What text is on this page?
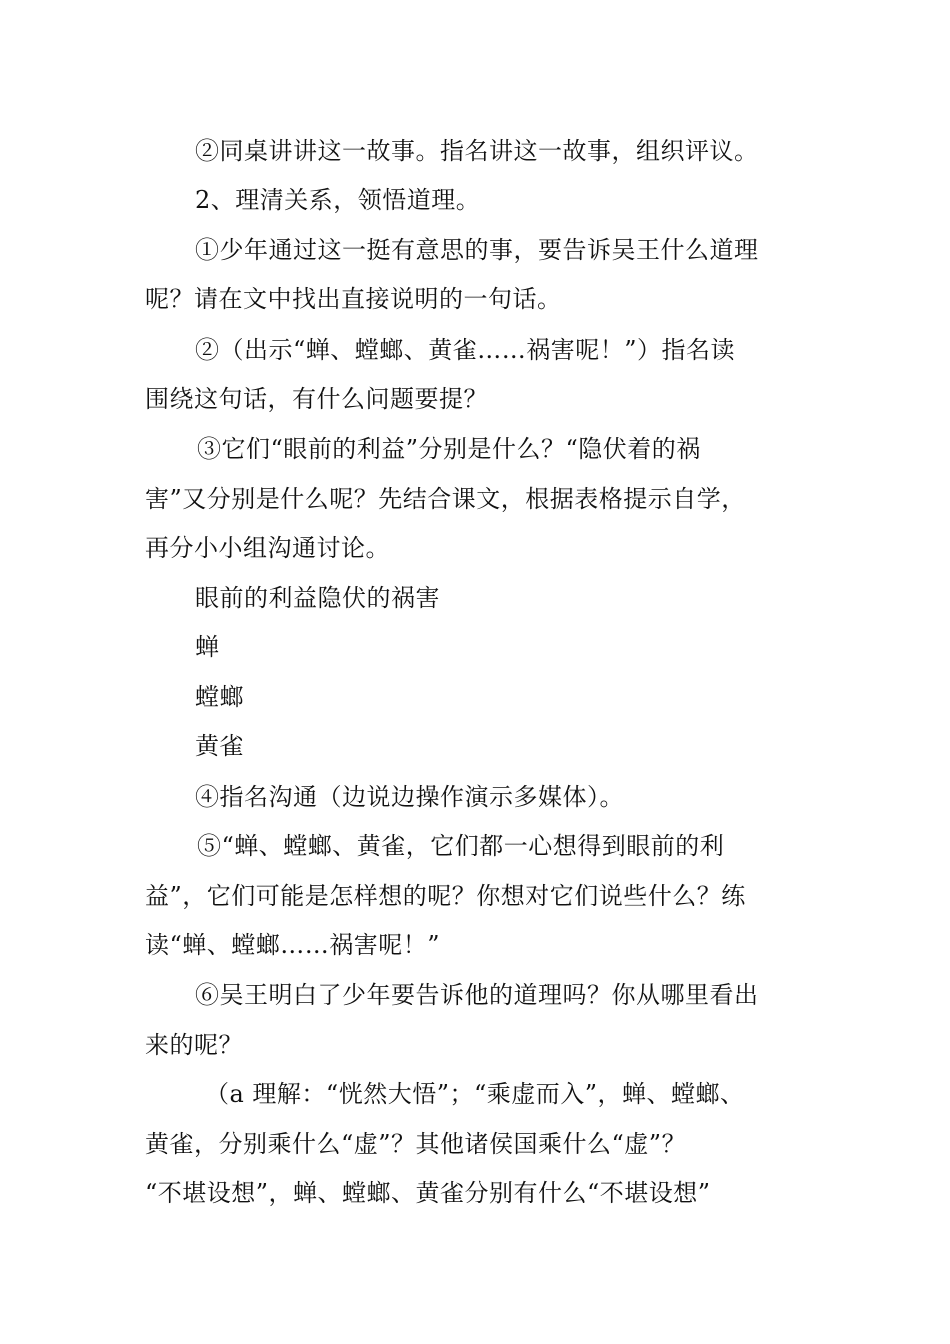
②同桌讲讲这一故事。指名讲这一故事，组织评议。
2、理清关系，领悟道理。
①少年通过这一挺有意思的事，要告诉吴王什么道理
呢？请在文中找出直接说明的一句话。
②（出示“蝉、螳螂、黄雀……祸害呢！”）指名读
围绕这句话，有什么问题要提？
③它们“眼前的利益”分别是什么？“隐伏着的祸
害”又分别是什么呢？先结合课文，根据表格提示自学，
再分小小组沟通讨论。
眼前的利益隐伏的祸害
蝉
螳螂
黄雀
④指名沟通（边说边操作演示多媒体）。
⑤“蝉、螳螂、黄雀，它们都一心想得到眼前的利
益”，它们可能是怎样想的呢？你想对它们说些什么？练
读“蝉、螳螂……祸害呢！”
⑥吴王明白了少年要告诉他的道理吗？你从哪里看出
来的呢？
（a 理解：“恍然大悟”；“乘虚而入”，蝉、螳螂、
黄雀，分别乘什么“虚”？其他诸侯国乘什么“虚”？
“不堪设想”，蝉、螳螂、黄雀分别有什么“不堪设想”
